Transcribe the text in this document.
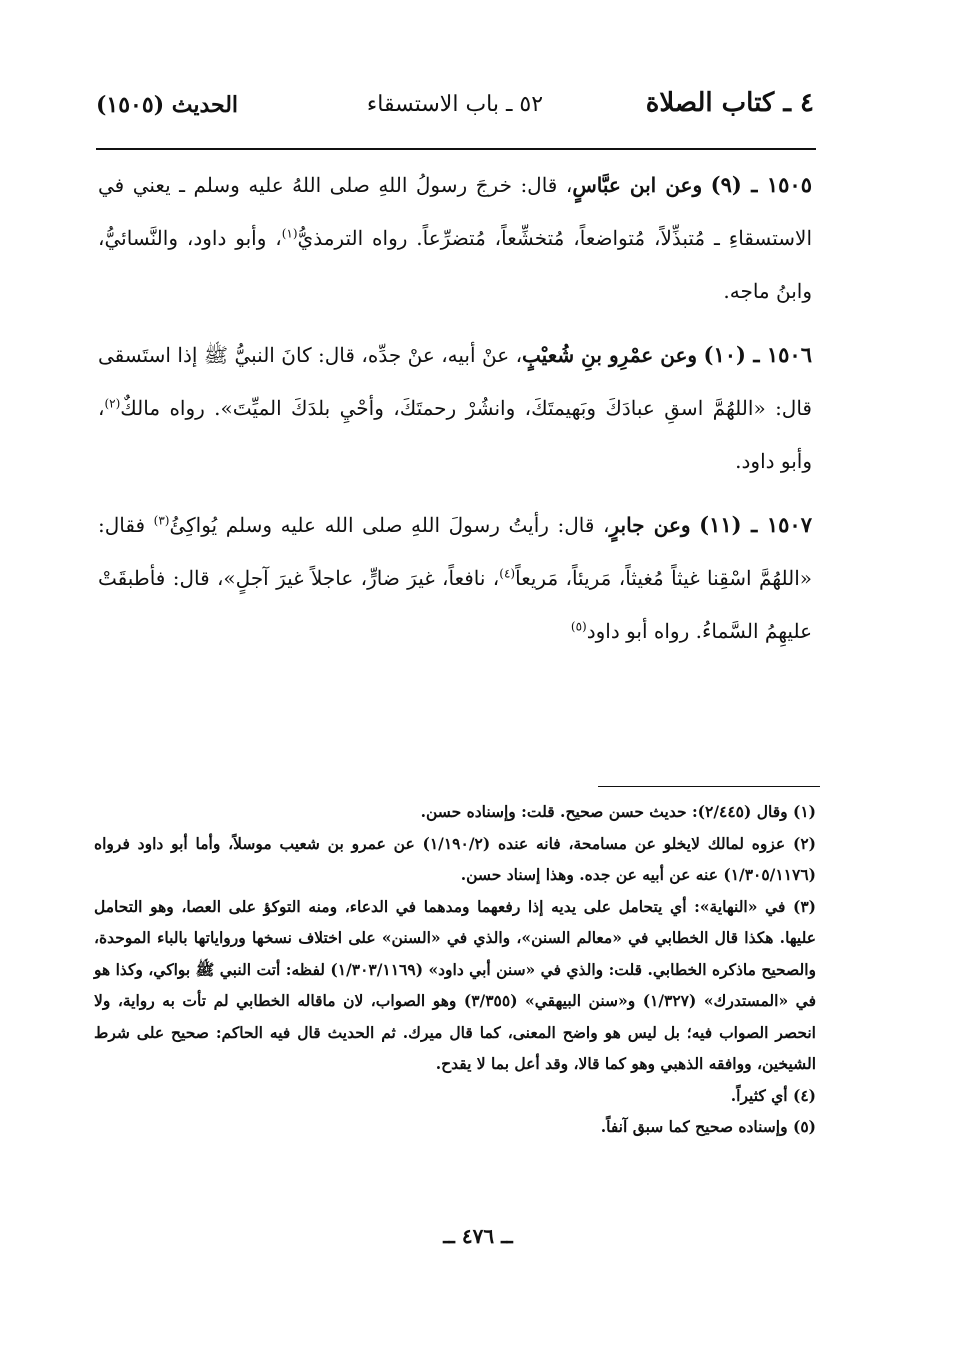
٤ ـ كتاب الصلاة
٥٢ ـ باب الاستسقاء
الحديث (١٥٠٥)

١٥٠٥ ـ (٩) وعن ابن عبَّاسٍ، قال: خرجَ رسولُ اللهِ صلى اللهُ عليه وسلم ـ يعني في الاستسقاءِ ـ مُتبذِّلاً، مُتواضعاً، مُتخشِّعاً، مُتضرِّعاً. رواه الترمذيُّ$^{(١)}$، وأبو داود، والنَّسائيُّ، وابنُ ماجه.

١٥٠٦ ـ (١٠) وعن عمْرِو بنِ شُعيْبٍ، عنْ أبيه، عنْ جدِّه، قال: كانَ النبيُّ ﷺ إذا استَسقى قال: «اللهُمَّ اسقِ عبادَكَ وبَهيمتَكَ، وانشُرْ رحمتَكَ، وأحْيِ بلدَكَ الميِّتَ». رواه مالكٌ$^{(٢)}$، وأبو داود.

١٥٠٧ ـ (١١) وعن جابرٍ، قال: رأيتُ رسولَ اللهِ صلى الله عليه وسلم يُواكِئُ$^{(٣)}$ فقال: «اللهُمَّ اسْقِنا غيثاً مُغيثاً، مَريئاً، مَريعاً$^{(٤)}$، نافعاً، غيرَ ضارٍّ، عاجلاً غيرَ آجلٍ»، قال: فأطبقَتْ عليهِمُ السَّماءُ. رواه أبو داود$^{(٥)}$

(١) وقال (٢/٤٤٥): حديث حسن صحيح. قلت: وإسناده حسن.

(٢) عزوه لمالك لايخلو عن مسامحة، فانه عنده (١/١٩٠/٢) عن عمرو بن شعيب موسلاً، وأما أبو داود فرواه (١/٣٠٥/١١٧٦) عنه عن أبيه عن جده. وهذا إسناد حسن.

(٣) في «النهاية»: أي يتحامل على يديه إذا رفعهما ومدهما في الدعاء، ومنه التوكؤ على العصا، وهو التحامل عليها. هكذا قال الخطابي في «معالم السنن»، والذي في «السنن» على اختلاف نسخها ورواياتها بالباء الموحدة، والصحيح ماذكره الخطابي. قلت: والذي في «سنن أبي داود» (١/٣٠٣/١١٦٩) لفظه: أتت النبي ﷺ بواكي، وكذا هو في «المستدرك» (١/٣٢٧) و«سنن البيهقي» (٣/٣٥٥) وهو الصواب، لان ماقاله الخطابي لم تأت به رواية، ولا انحصر الصواب فيه؛ بل ليس هو واضح المعنى، كما قال ميرك. ثم الحديث قال فيه الحاكم: صحيح على شرط الشيخين، ووافقه الذهبي وهو كما قالا، وقد أعل بما لا يقدح.

(٤) أي كثيراً.

(٥) وإسناده صحيح كما سبق آنفاً.

ــ ٤٧٦ ــ
